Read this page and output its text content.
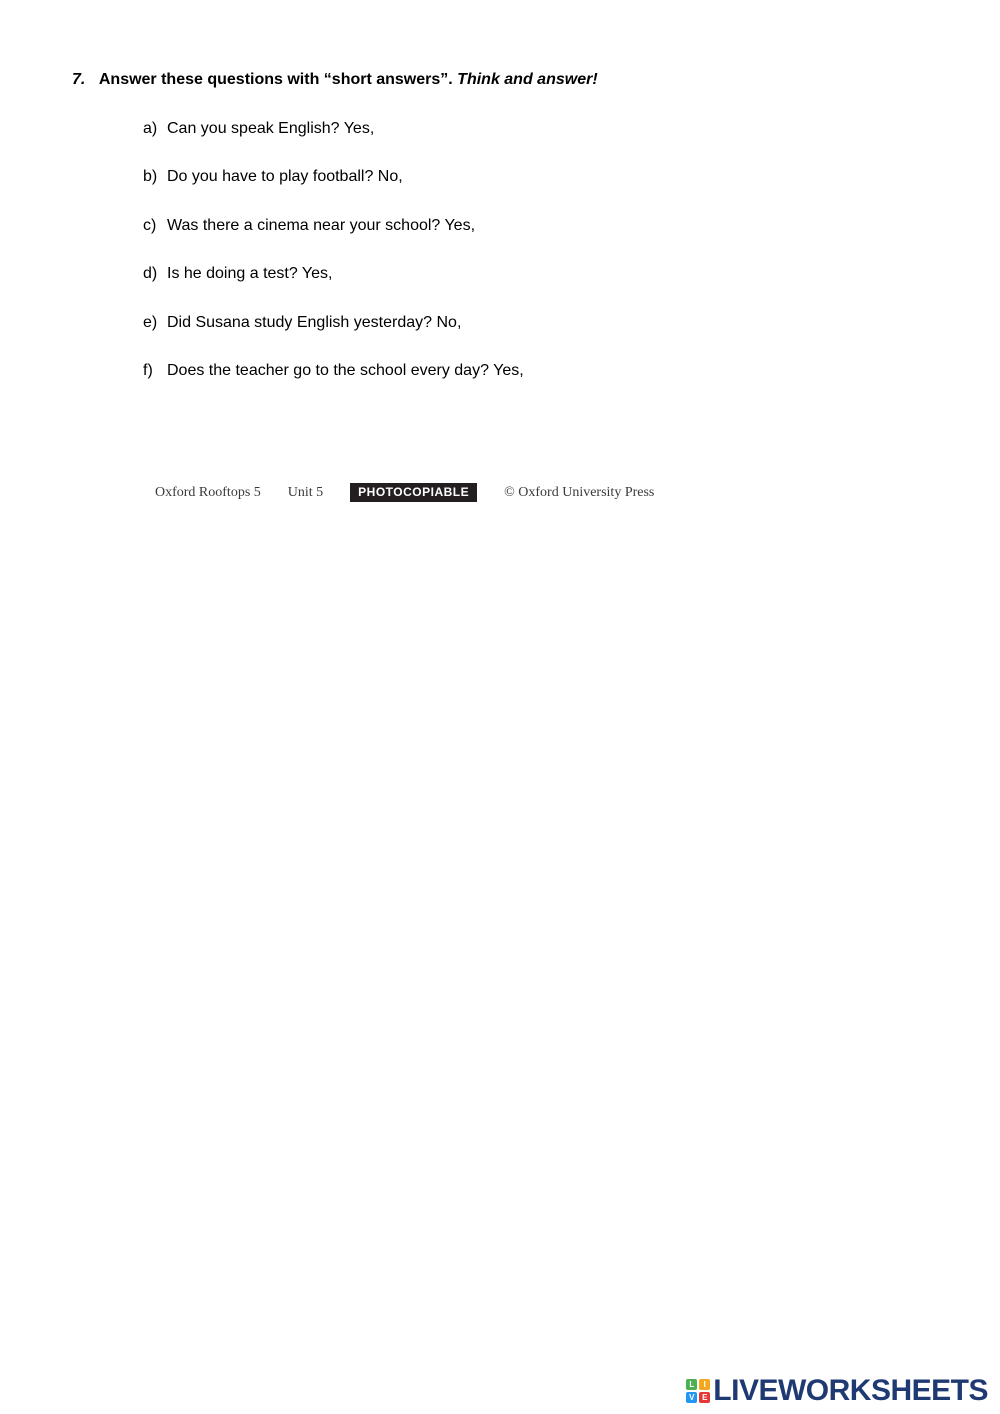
7. Answer these questions with “short answers”. Think and answer!
a) Can you speak English? Yes,
b) Do you have to play football? No,
c) Was there a cinema near your school? Yes,
d) Is he doing a test? Yes,
e) Did Susana study English yesterday? No,
f) Does the teacher go to the school every day? Yes,
Oxford Rooftops 5 Unit 5	PHOTOCOPIABLE	© Oxford University Press
L	I
V E LIVEWORKSHEETS
